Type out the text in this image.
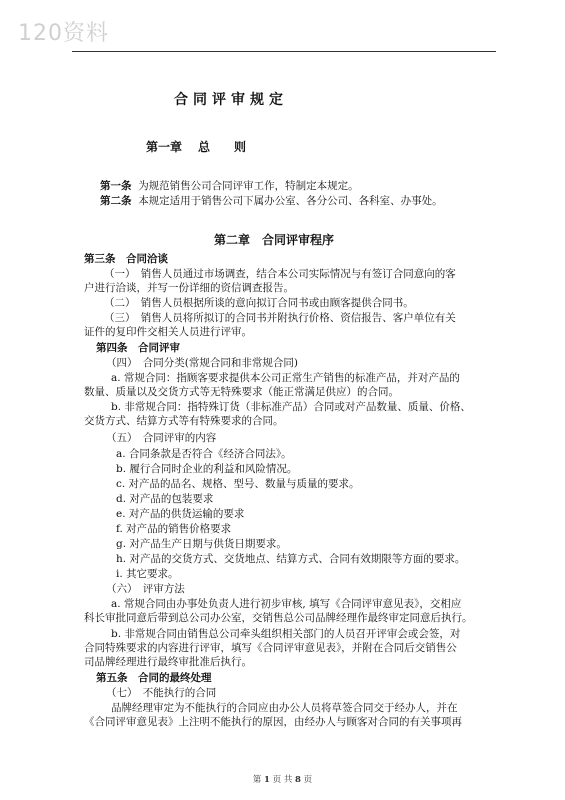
120资料
合同评审规定
第一章 总　　则
第一条 为规范销售公司合同评审工作，特制定本规定。
第二条 本规定适用于销售公司下属办公室、各分公司、各科室、办事处。
第二章　合同评审程序
第三条　合同洽谈
（一）　销售人员通过市场调查，结合本公司实际情况与有签订合同意向的客
户进行洽谈，并写一份详细的资信调查报告。
（二）　销售人员根据所谈的意向拟订合同书或由顾客提供合同书。
（三）　销售人员将所拟订的合同书并附执行价格、资信报告、客户单位有关
证件的复印件交相关人员进行评审。
第四条　合同评审
（四）　合同分类(常规合同和非常规合同)
a. 常规合同：指顾客要求提供本公司正常生产销售的标准产品，并对产品的
数量、质量以及交货方式等无特殊要求（能正常满足供应）的合同。
b. 非常规合同：指特殊订货（非标准产品）合同或对产品数量、质量、价格、
交货方式、结算方式等有特殊要求的合同。
（五）　合同评审的内容
a. 合同条款是否符合《经济合同法》。
b. 履行合同时企业的利益和风险情况。
c. 对产品的品名、规格、型号、数量与质量的要求。
d. 对产品的包装要求
e. 对产品的供货运输的要求
f. 对产品的销售价格要求
g. 对产品生产日期与供货日期要求。
h. 对产品的交货方式、交货地点、结算方式、合同有效期限等方面的要求。
i. 其它要求。
（六）　评审方法
a. 常规合同由办事处负责人进行初步审核, 填写《合同评审意见表》，交相应
科长审批同意后带到总公司办公室，交销售总公司品牌经理作最终审定同意后执行。
b. 非常规合同由销售总公司牵头组织相关部门的人员召开评审会或会签，对
合同特殊要求的内容进行评审，填写《合同评审意见表》，并附在合同后交销售公
司品牌经理进行最终审批准后执行。
第五条　合同的最终处理
（七）　不能执行的合同
品牌经理审定为不能执行的合同应由办公人员将草签合同交于经办人，并在
《合同评审意见表》上注明不能执行的原因，由经办人与顾客对合同的有关事项再
第 1 页 共 8 页
